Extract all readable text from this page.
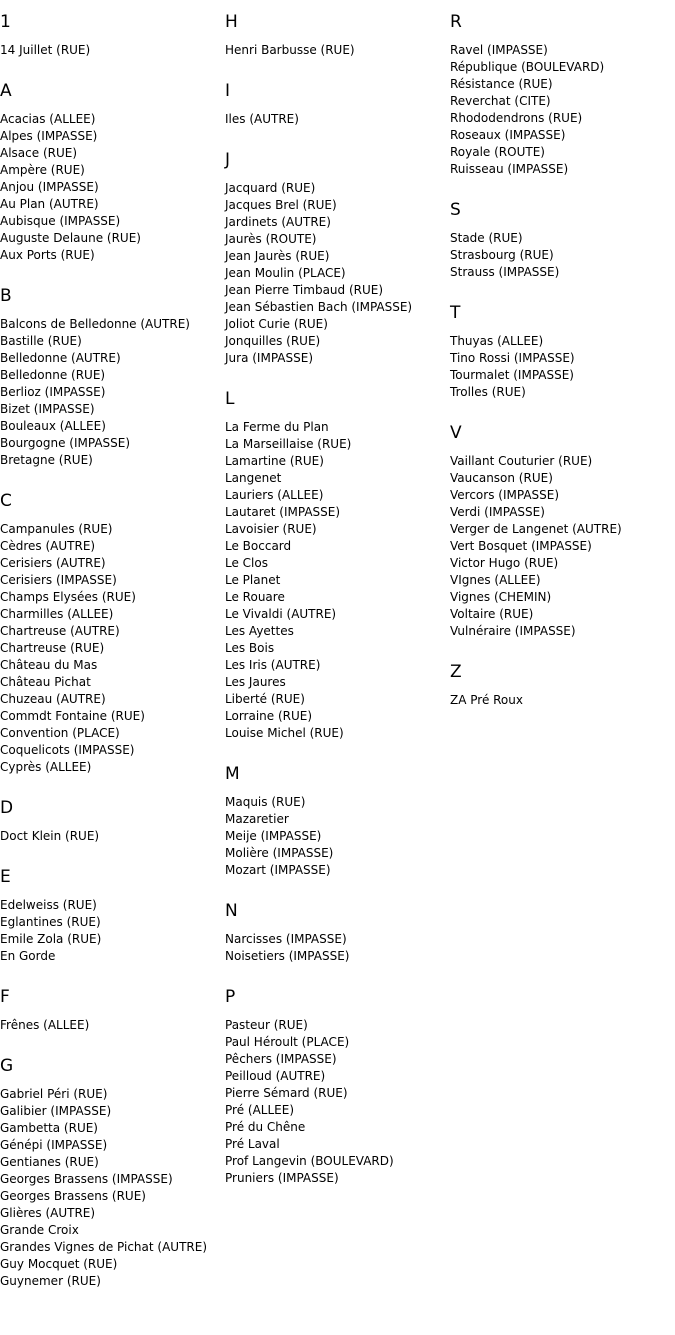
1
14 Juillet (RUE)
A
Acacias (ALLEE)
Alpes (IMPASSE)
Alsace (RUE)
Ampère (RUE)
Anjou (IMPASSE)
Au Plan (AUTRE)
Aubisque (IMPASSE)
Auguste Delaune (RUE)
Aux Ports (RUE)
B
Balcons de Belledonne (AUTRE)
Bastille (RUE)
Belledonne (AUTRE)
Belledonne (RUE)
Berlioz (IMPASSE)
Bizet (IMPASSE)
Bouleaux (ALLEE)
Bourgogne (IMPASSE)
Bretagne (RUE)
C
Campanules (RUE)
Cèdres (AUTRE)
Cerisiers (AUTRE)
Cerisiers (IMPASSE)
Champs Elysées (RUE)
Charmilles (ALLEE)
Chartreuse (AUTRE)
Chartreuse (RUE)
Château du Mas
Château Pichat
Chuzeau (AUTRE)
Commdt Fontaine (RUE)
Convention (PLACE)
Coquelicots (IMPASSE)
Cyprès (ALLEE)
D
Doct Klein (RUE)
E
Edelweiss (RUE)
Eglantines (RUE)
Emile Zola (RUE)
En Gorde
F
Frênes (ALLEE)
G
Gabriel Péri (RUE)
Galibier (IMPASSE)
Gambetta (RUE)
Génépi (IMPASSE)
Gentianes (RUE)
Georges Brassens (IMPASSE)
Georges Brassens (RUE)
Glières (AUTRE)
Grande Croix
Grandes Vignes de Pichat (AUTRE)
Guy Mocquet (RUE)
Guynemer (RUE)
H
Henri Barbusse (RUE)
I
Iles (AUTRE)
J
Jacquard (RUE)
Jacques Brel (RUE)
Jardinets (AUTRE)
Jaurès (ROUTE)
Jean Jaurès (RUE)
Jean Moulin (PLACE)
Jean Pierre Timbaud (RUE)
Jean Sébastien Bach (IMPASSE)
Joliot Curie (RUE)
Jonquilles (RUE)
Jura (IMPASSE)
L
La Ferme du Plan
La Marseillaise (RUE)
Lamartine (RUE)
Langenet
Lauriers (ALLEE)
Lautaret (IMPASSE)
Lavoisier (RUE)
Le Boccard
Le Clos
Le Planet
Le Rouare
Le Vivaldi (AUTRE)
Les Ayettes
Les Bois
Les Iris (AUTRE)
Les Jaures
Liberté (RUE)
Lorraine (RUE)
Louise Michel (RUE)
M
Maquis (RUE)
Mazaretier
Meije (IMPASSE)
Molière (IMPASSE)
Mozart (IMPASSE)
N
Narcisses (IMPASSE)
Noisetiers (IMPASSE)
P
Pasteur (RUE)
Paul Héroult (PLACE)
Pêchers (IMPASSE)
Peilloud (AUTRE)
Pierre Sémard (RUE)
Pré (ALLEE)
Pré du Chêne
Pré Laval
Prof Langevin (BOULEVARD)
Pruniers (IMPASSE)
R
Ravel (IMPASSE)
République (BOULEVARD)
Résistance (RUE)
Reverchat (CITE)
Rhododendrons (RUE)
Roseaux (IMPASSE)
Royale (ROUTE)
Ruisseau (IMPASSE)
S
Stade (RUE)
Strasbourg (RUE)
Strauss (IMPASSE)
T
Thuyas (ALLEE)
Tino Rossi (IMPASSE)
Tourmalet (IMPASSE)
Trolles (RUE)
V
Vaillant Couturier (RUE)
Vaucanson (RUE)
Vercors (IMPASSE)
Verdi (IMPASSE)
Verger de Langenet (AUTRE)
Vert Bosquet (IMPASSE)
Victor Hugo (RUE)
VIgnes (ALLEE)
Vignes (CHEMIN)
Voltaire (RUE)
Vulnéraire (IMPASSE)
Z
ZA Pré Roux
